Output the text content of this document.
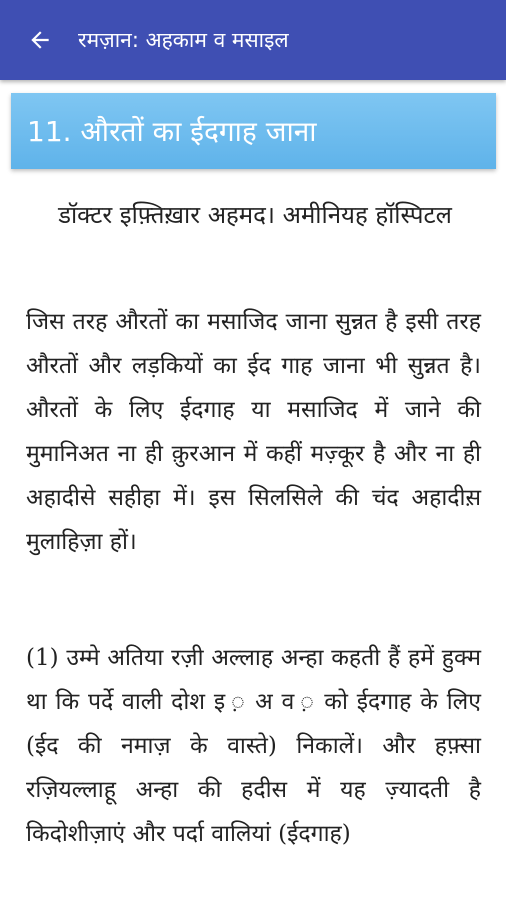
रमज़ान: अहकाम व मसाइल
11. औरतों का ईदगाह जाना
डॉक्टर इफ़्तिख़ार अहमद। अमीनियह हॉस्पिटल
जिस तरह औरतों का मसाजिद जाना सुन्नत है इसी तरह औरतों और लड़कियों का ईद गाह जाना भी सुन्नत है। औरतों के लिए ईदगाह या मसाजिद में जाने की मुमानिअत ना ही क़ुरआन में कहीं मज़्कूर है और ना ही अहादीसे सहीहा में। इस सिलसिले की चंद अहादीस़ मुलाहिज़ा हों।
(1) उम्मे अतिया रज़ी अल्लाह अन्हा कहती हैं हमें हुक्म था कि पर्दे वाली दोश इ ़ अ व ़ को ईदगाह के लिए (ईद की नमाज़ के वास्ते) निकालें। और हफ़्सा रज़ियल्लाहू अन्हा की हदीस में यह ज़्यादती है किदोशीज़ाएं और पर्दा वालियां (ईदगाह)
